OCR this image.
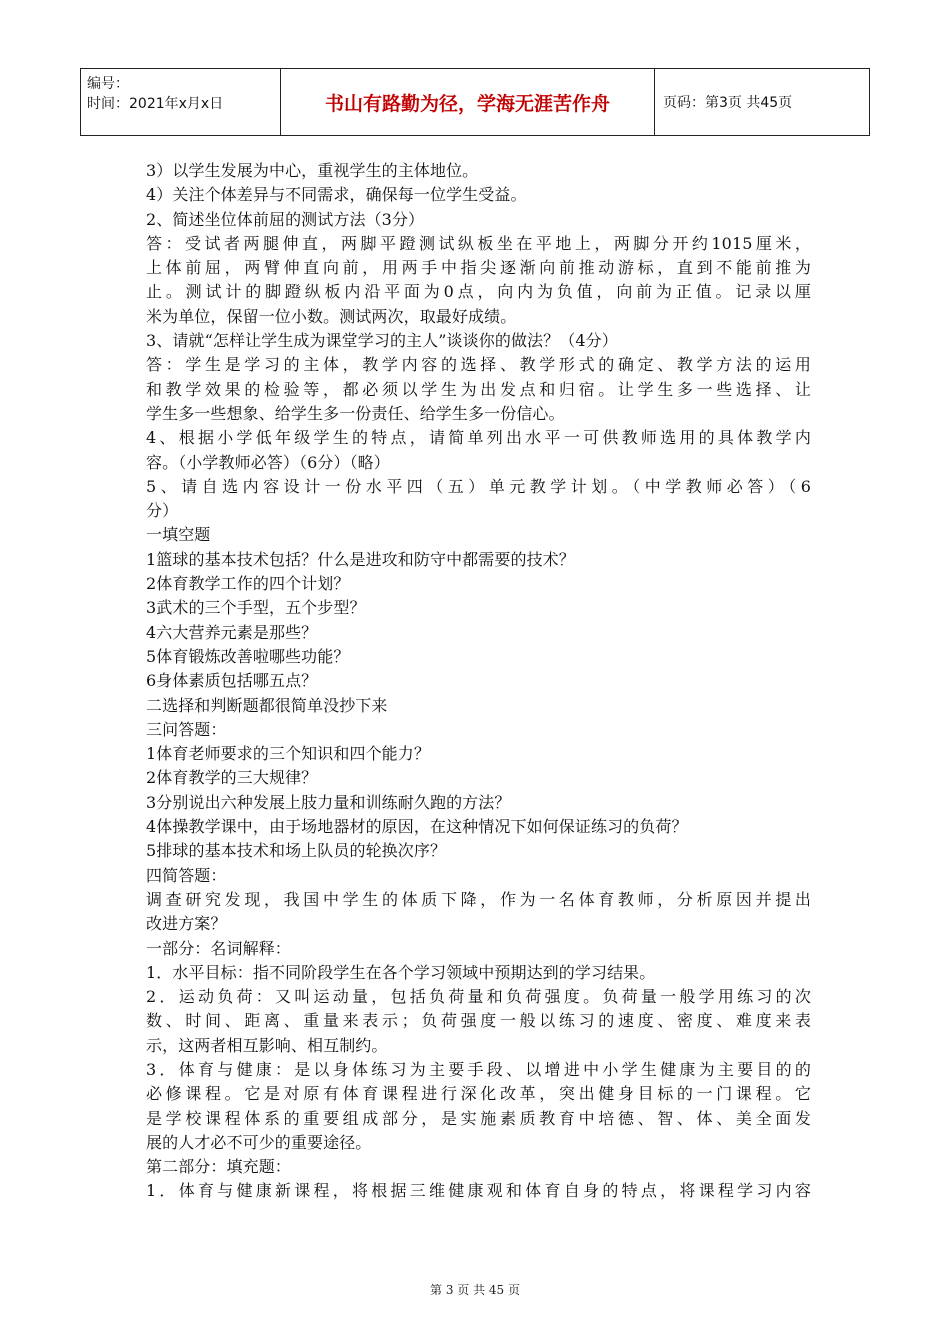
编号：
时间：2021年x月x日	书山有路勤为径，学海无涯苦作舟	页码：第3页 共45页
3）以学生发展为中心，重视学生的主体地位。
4）关注个体差异与不同需求，确保每一位学生受益。
2、简述坐位体前屈的测试方法（3分）
答：受试者两腿伸直，两脚平蹬测试纵板坐在平地上，两脚分开约1015厘米，
上体前屈，两臂伸直向前，用两手中指尖逐渐向前推动游标，直到不能前推为
止。测试计的脚蹬纵板内沿平面为0点，向内为负值，向前为正值。记录以厘
米为单位，保留一位小数。测试两次，取最好成绩。
3、请就“怎样让学生成为课堂学习的主人”谈谈你的做法？（4分）
答：学生是学习的主体，教学内容的选择、教学形式的确定、教学方法的运用
和教学效果的检验等，都必须以学生为出发点和归宿。让学生多一些选择、让
学生多一些想象、给学生多一份责任、给学生多一份信心。
4、根据小学低年级学生的特点，请简单列出水平一可供教师选用的具体教学内
容。（小学教师必答）（6分）（略）
5、请自选内容设计一份水平四（五）单元教学计划。（中学教师必答）（6
分）
一填空题
1篮球的基本技术包括？什么是进攻和防守中都需要的技术？
2体育教学工作的四个计划？
3武术的三个手型，五个步型？
4六大营养元素是那些？
5体育锻炼改善啦哪些功能？
6身体素质包括哪五点？
二选择和判断题都很简单没抄下来
三问答题：
1体育老师要求的三个知识和四个能力？
2体育教学的三大规律？
3分别说出六种发展上肢力量和训练耐久跑的方法？
4体操教学课中，由于场地器材的原因，在这种情况下如何保证练习的负荷？
5排球的基本技术和场上队员的轮换次序？
四简答题：
调查研究发现，我国中学生的体质下降，作为一名体育教师，分析原因并提出
改进方案？
一部分：名词解释：
1．水平目标：指不同阶段学生在各个学习领域中预期达到的学习结果。
2．运动负荷：又叫运动量，包括负荷量和负荷强度。负荷量一般学用练习的次
数、时间、距离、重量来表示；负荷强度一般以练习的速度、密度、难度来表
示，这两者相互影响、相互制约。
3．体育与健康：是以身体练习为主要手段、以增进中小学生健康为主要目的的
必修课程。它是对原有体育课程进行深化改革，突出健身目标的一门课程。它
是学校课程体系的重要组成部分，是实施素质教育中培德、智、体、美全面发
展的人才必不可少的重要途径。
第二部分：填充题：
1．体育与健康新课程，将根据三维健康观和体育自身的特点，将课程学习内容
第 3 页 共 45 页
